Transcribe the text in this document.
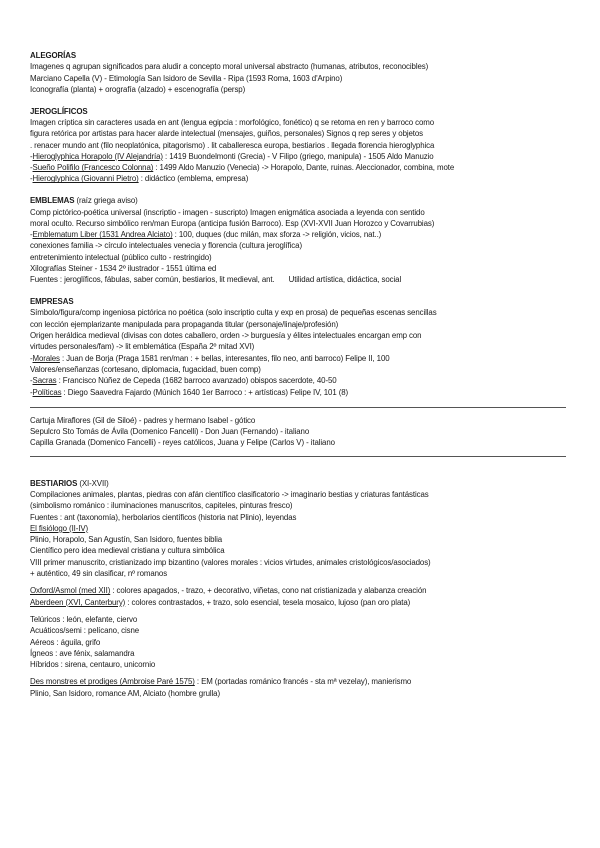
ALEGORÍAS
Imagenes q agrupan significados para aludir a concepto moral universal abstracto (humanas, atributos, reconocibles)
Marciano Capella (V) - Etimología San Isidoro de Sevilla - Ripa (1593 Roma, 1603 d'Arpino)
Iconografía (planta) + orografía (alzado) + escenografía (persp)
JEROGLÍFICOS
Imagen críptica sin caracteres usada en ant (lengua egipcia : morfológico, fonético) q se retoma en ren y barroco como
figura retórica por artistas para hacer alarde intelectual (mensajes, guiños, personales) Signos q rep seres y objetos
. renacer mundo ant (filo neoplatónica, pitagorismo) . lit caballeresca europa, bestiarios . llegada florencia hieroglyphica
-Hieroglyphica Horapolo (IV Alejandría) : 1419 Buondelmonti (Grecia) - V Filipo (griego, manipula) - 1505 Aldo Manuzio
-Sueño Polifilo (Francesco Colonna) : 1499 Aldo Manuzio (Venecia) -> Horapolo, Dante, ruinas. Aleccionador, combina, mote
-Hieroglyphica (Giovanni Pietro) : didáctico (emblema, empresa)
EMBLEMAS (raíz griega aviso)
Comp pictórico-poética universal (inscriptio - imagen - suscripto) Imagen enigmática asociada a leyenda con sentido
moral oculto. Recurso simbólico ren/man Europa (anticipa fusión Barroco). Esp (XVI-XVII Juan Horozco y Covarrubias)
-Emblematum Liber (1531 Andrea Alciato) : 100, duques (duc milán, max sforza -> religión, vicios, nat..)
conexiones familia -> círculo intelectuales venecia y florencia (cultura jeroglífica)
entretenimiento intelectual (público culto - restringido)
Xilografías Steiner - 1534 2º ilustrador - 1551 última ed
Fuentes : jeroglíficos, fábulas, saber común, bestiarios, lit medieval, ant. Utilidad artística, didáctica, social
EMPRESAS
Símbolo/figura/comp ingeniosa pictórica no poética (solo inscriptio culta y exp en prosa) de pequeñas escenas sencillas
con lección ejemplarizante manipulada para propaganda titular (personaje/linaje/profesión)
Origen heráldica medieval (divisas con dotes caballero, orden -> burguesía y élites intelectuales encargan emp con
virtudes personales/fam) -> lit emblemática (España 2º mitad XVI)
-Morales : Juan de Borja (Praga 1581 ren/man : + bellas, interesantes, filo neo, anti barroco) Felipe II, 100
Valores/enseñanzas (cortesano, diplomacia, fugacidad, buen comp)
-Sacras : Francisco Núñez de Cepeda (1682 barroco avanzado) obispos sacerdote, 40-50
-Políticas : Diego Saavedra Fajardo (Múnich 1640 1er Barroco : + artísticas) Felipe IV, 101 (8)
Cartuja Miraflores (Gil de Siloé) - padres y hermano Isabel - gótico
Sepulcro Sto Tomás de Ávila (Domenico Fancelli) - Don Juan (Fernando) - italiano
Capilla Granada (Domenico Fancelli) - reyes católicos, Juana y Felipe (Carlos V) - italiano
BESTIARIOS (XI-XVII)
Compilaciones animales, plantas, piedras con afán científico clasificatorio -> imaginario bestias y criaturas fantásticas
(simbolismo románico : iluminaciones manuscritos, capiteles, pinturas fresco)
Fuentes : ant (taxonomía), herbolarios científicos (historia nat Plinio), leyendas
El fisiólogo (II-IV)
Plinio, Horapolo, San Agustín, San Isidoro, fuentes biblia
Científico pero idea medieval cristiana y cultura simbólica
VIII primer manuscrito, cristianizado imp bizantino (valores morales : vicios virtudes, animales cristológicos/asociados)
+ auténtico, 49 sin clasificar, nº romanos
Oxford/Asmol (med XII) : colores apagados, - trazo, + decorativo, viñetas, cono nat cristianizada y alabanza creación
Aberdeen (XVI, Canterbury) : colores contrastados, + trazo, solo esencial, tesela mosaico, lujoso (pan oro plata)
Telúricos : león, elefante, ciervo
Acuáticos/semi : pelícano, cisne
Aéreos : águila, grifo
Ígneos : ave fénix, salamandra
Híbridos : sirena, centauro, unicornio
Des monstres et prodiges (Ambroise Paré 1575) : EM (portadas románico francés - sta mª vezelay), manierismo
Plinio, San Isidoro, romance AM, Alciato (hombre grulla)
